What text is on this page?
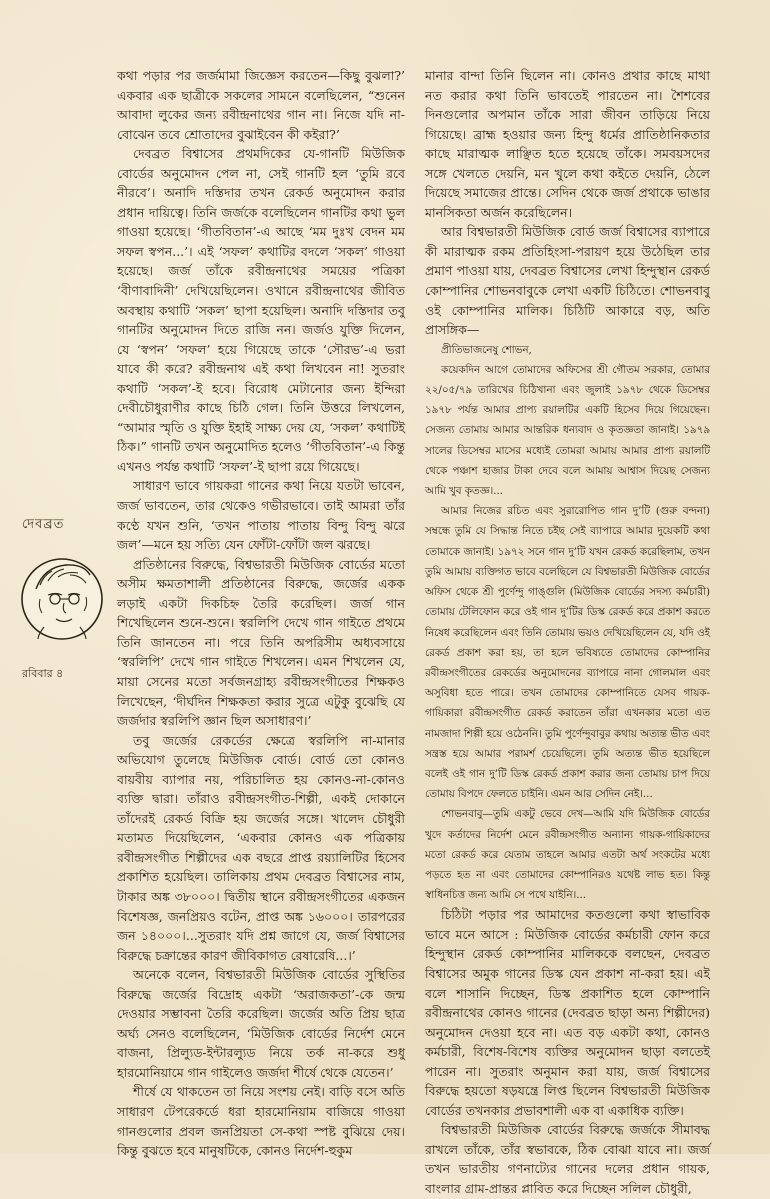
কথা পড়ার পর জর্জমামা জিজ্ঞেস করতেন—কিছু বুঝলা?’ একবার এক ছাত্রীকে সকলের সামনে বলেছিলেন, “শুনেন আবাদা লুকের জন্য রবীন্দ্রনাথের গান না। নিজে যদি না-বোঝেন তবে শ্রোতাদের বুঝাইবেন কী কইরা?’

দেবব্রত বিশ্বাসের প্রথমদিকের যে-গানটি মিউজিক বোর্ডের অনুমোদন পেল না, সেই গানটি হল ‘তুমি রবে নীরবে’। অনাদি দস্তিদার তখন রেকর্ড অনুমোদন করার প্রধান দায়িত্বে। তিনি জর্জকে বলেছিলেন গানটির কথা ভুল গাওয়া হয়েছে। ‘গীতবিতান’-এ আছে ‘মম দুঃখ বেদন মম সফল স্বপন...’। এই ‘সফল’ কথাটির বদলে ‘সকল’ গাওয়া হয়েছে। জর্জ তাঁকে রবীন্দ্রনাথের সময়ের পত্রিকা ‘বীণাবাদিনী’ দেখিয়েছিলেন। ওখানে রবীন্দ্রনাথের জীবিত অবস্থায় কথাটি ‘সকল’ ছাপা হয়েছিল। অনাদি দস্তিদার তবু গানটির অনুমোদন দিতে রাজি নন। জর্জও যুক্তি দিলেন, যে ‘স্বপন’ ‘সফল’ হয়ে গিয়েছে তাকে ‘সৌরভ’-এ ভরা যাবে কী করে? রবীন্দ্রনাথ এই কথা লিখবেন না! সুতরাং কথাটি ‘সকল’-ই হবে। বিরোধ মেটানোর জন্য ইন্দিরা দেবীচৌধুরাণীর কাছে চিঠি গেল। তিনি উত্তরে লিখলেন, “আমার স্মৃতি ও যুক্তি ইহাই সাক্ষ্য দেয় যে, ‘সকল’ কথাটিই ঠিক।” গানটি তখন অনুমোদিত হলেও ‘গীতবিতান’-এ কিন্তু এখনও পর্যন্ত কথাটি ‘সফল’-ই ছাপা রয়ে গিয়েছে।

সাধারণ ভাবে গায়করা গানের কথা নিয়ে যতটা ভাবেন, জর্জ ভাবতেন, তার থেকেও গভীরভাবে। তাই আমরা তাঁর কণ্ঠে যখন শুনি, ‘তখন পাতায় পাতায় বিন্দু বিন্দু ঝরে জল’—মনে হয় সত্যি যেন ফোঁটা-ফোঁটা জল ঝরছে।

প্রতিষ্ঠানের বিরুদ্ধে, বিশ্বভারতী মিউজিক বোর্ডের মতো অসীম ক্ষমতাশালী প্রতিষ্ঠানের বিরুদ্ধে, জর্জের একক লড়াই একটা দিকচিহ্ন তৈরি করেছিল। জর্জ গান শিখেছিলেন শুনে-শুনে। স্বরলিপি দেখে গান গাইতে প্রথমে তিনি জানতেন না। পরে তিনি অপরিসীম অধ্যবসায়ে ‘স্বরলিপি’ দেখে গান গাইতে শিখলেন। এমন শিখলেন যে, মায়া সেনের মতো সর্বজনগ্রাহ্য রবীন্দ্রসংগীতের শিক্ষকও লিখেছেন, ‘দীর্ঘদিন শিক্ষকতা করার সুত্রে এটুকু বুঝেছি যে জর্জদার স্বরলিপি জ্ঞান ছিল অসাধারণ।’

তবু জর্জের রেকর্ডের ক্ষেত্রে স্বরলিপি না-মানার অভিযোগ তুলেছে মিউজিক বোর্ড। বোর্ড তো কোনও বায়বীয় ব্যাপার নয়, পরিচালিত হয় কোনও-না-কোনও ব্যক্তি দ্বারা। তাঁরাও রবীন্দ্রসংগীত-শিল্পী, একই দোকানে তাঁদেরই রেকর্ড বিক্রি হয় জর্জের সঙ্গে। খালেদ চৌধুরী মতামত দিয়েছিলেন, ‘একবার কোনও এক পত্রিকায় রবীন্দ্রসংগীত শিল্পীদের এক বছরে প্রাপ্ত রয়্যালিটির হিসেব প্রকাশিত হয়েছিল। তালিকায় প্রথম দেবব্রত বিশ্বাসের নাম, টাকার অঙ্ক ৩৮০০০। দ্বিতীয় স্থানে রবীন্দ্রসংগীতের একজন বিশেষজ্ঞ, জনপ্রিয়ও বটেন, প্রাপ্ত অঙ্ক ১৬০০০। তারপরের জন ১৪০০০।...সুতরাং যদি প্রশ্ন জাগে যে, জর্জ বিশ্বাসের বিরুদ্ধে চক্রান্তের কারণ জীবিকাগত রেষারেষি...।’

অনেকে বলেন, বিশ্বভারতী মিউজিক বোর্ডের সুস্থিতির বিরুদ্ধে জর্জের বিদ্রোহ একটা ‘অরাজকতা’-কে জন্ম দেওয়ার সম্ভাবনা তৈরি করেছিল। জর্জের অতি প্রিয় ছাত্র অর্ঘ্য সেনও বলেছিলেন, ‘মিউজিক বোর্ডের নির্দেশ মেনে বাজনা, প্রিল্যুড-ইন্টারল্যুড নিয়ে তর্ক না-করে শুধু হারমোনিয়ামে গান গাইলেও জর্জদা শীর্ষে থেকে যেতেন।’

শীর্ষে যে থাকতেন তা নিয়ে সংশয় নেই। বাড়ি বসে অতি সাধারণ টেপরেকর্ডে ধরা হারমোনিয়াম বাজিয়ে গাওয়া গানগুলোর প্রবল জনপ্রিয়তা সে-কথা স্পষ্ট বুঝিয়ে দেয়। কিন্তু বুঝতে হবে মানুষটিকে, কোনও নির্দেশ-হুকুম

মানার বান্দা তিনি ছিলেন না। কোনও প্রথার কাছে মাথা নত করার কথা তিনি ভাবতেই পারতেন না। শৈশবের দিনগুলোর অপমান তাঁকে সারা জীবন তাড়িয়ে নিয়ে গিয়েছে। ব্রাহ্ম হওয়ার জন্য হিন্দু ধর্মের প্রাতিষ্ঠানিকতার কাছে মারাত্মক লাঞ্ছিত হতে হয়েছে তাঁকে। সমবয়সদের সঙ্গে খেলতে দেয়নি, মন খুলে কথা কইতে দেয়নি, ঠেলে দিয়েছে সমাজের প্রান্তে। সেদিন থেকে জর্জ প্রথাকে ভাঙার মানসিকতা অর্জন করেছিলেন।

আর বিশ্বভারতী মিউজিক বোর্ড জর্জ বিশ্বাসের ব্যাপারে কী মারাত্মক রকম প্রতিহিংসা-পরায়ণ হয়ে উঠেছিল তার প্রমাণ পাওয়া যায়, দেবব্রত বিশ্বাসের লেখা হিন্দুস্থান রেকর্ড কোম্পানির শোভনবাবুকে লেখা একটি চিঠিতে। শোভনবাবু ওই কোম্পানির মালিক। চিঠিটি আকারে বড়, অতি প্রাসঙ্গিক—

প্রীতিভাজনেষু শোভন,

কয়েকদিন আগে তোমাদের অফিসের শ্রী গৌতম সরকার, তোমার ২২/০৫/৭৯ তারিখের চিঠিখানা এবং জুলাই ১৯৭৮ থেকে ডিসেম্বর ১৯৭৮ পর্যন্ত আমার প্রাপ্য রয়ালটির একটি হিসেব দিয়ে গিয়েছেন। সেজন্য তোমায় আমার আন্তরিক ধন্যবাদ ও কৃতজ্ঞতা জানাই। ১৯৭৯ সালের ডিসেম্বর মাসের মধ্যেই তোমরা আমায় আমার প্রাপ্য রয়ালটি থেকে পঞ্চাশ হাজার টাকা দেবে বলে আমায় আশ্বাস দিয়েছ সেজন্য আমি খুব কৃতজ্ঞ।...

আমার নিজের রচিত এবং সুরারোপিত গান দু’টি (গুরু বন্দনা) সম্বন্ধে তুমি যে সিদ্ধান্ত নিতে চইছ সেই ব্যাপারে আমার দুয়েকটি কথা তোমাকে জানাই। ১৯৭২ সনে গান দু’টি যখন রেকর্ড করেছিলাম, তখন তুমি আমায় ব্যক্তিগত ভাবে বলেছিলে যে বিশ্বভারতী মিউজিক বোর্ডের অফিস থেকে শ্রী পুর্ণেন্দু গাঙ্গুলি (মিউজিক বোর্ডের সদস্য কর্মচারী) তোমায় টেলিফোন করে ওই গান দু’টির ডিস্ক রেকর্ড করে প্রকাশ করতে নিষেধ করেছিলেন এবং তিনি তোমায় ভয়ও দেখিয়েছিলেন যে, যদি ওই রেকর্ড প্রকাশ করা হয়, তা হলে ভবিষ্যতে তোমাদের কোম্পানির রবীন্দ্রসংগীতের রেকর্ডের অনুমোদনের ব্যাপারে নানা গোলমাল এবং অসুবিধা হতে পারে। তখন তোমাদের কোম্পানিতে যেসব গায়ক-গায়িকারা রবীন্দ্রসংগীত রেকর্ড করাতেন তাঁরা এখনকার মতো এত নামজাদা শিল্পী হয়ে ওঠেননি। তুমি পুর্ণেন্দুবাবুর কথায় অত্যন্ত ভীত এবং সন্ত্রস্ত হয়ে আমার পরামর্শ চেয়েছিলে। তুমি অত্যন্ত ভীত হয়েছিলে বলেই ওই গান দু’টি ডিস্ক রেকর্ড প্রকাশ করার জন্য তোমায় চাপ দিয়ে তোমায় বিপদে ফেলতে চাইনি। এমন আর সেদিন নেই।...

শোভনবাবু—তুমি একটু ভেবে দেখ—আমি যদি মিউজিক বোর্ডের খুদে কর্তাদের নির্দেশ মেনে রবীন্দ্রসংগীত অন্যান্য গায়ক-গায়িকাদের মতো রেকর্ড করে যেতাম তাহলে আমার এতটা অর্থ সংকটের মধ্যে পড়তে হত না এবং তোমাদের কোম্পানিরও যথেষ্ট লাভ হত। কিন্তু স্বাধিনচিত্ত জন্য আমি সে পথে যাইনি।...

চিঠিটা পড়ার পর আমাদের কতগুলো কথা স্বাভাবিক ভাবে মনে আসে : মিউজিক বোর্ডের কর্মচারী ফোন করে হিন্দুস্থান রেকর্ড কোম্পানির মালিককে বলছেন, দেবব্রত বিশ্বাসের অমুক গানের ডিস্ক যেন প্রকাশ না-করা হয়। এই বলে শাসানি দিচ্ছেন, ডিস্ক প্রকাশিত হলে কোম্পানি রবীন্দ্রনাথের কোনও গানের (দেবব্রত ছাড়া অন্য শিল্পীদের) অনুমোদন দেওয়া হবে না। এত বড় একটা কথা, কোনও কর্মচারী, বিশেষ-বিশেষ ব্যক্তির অনুমোদন ছাড়া বলতেই পারেন না। সুতরাং অনুমান করা যায়, জর্জ বিশ্বাসের বিরুদ্ধে হয়তো ষড়যন্ত্রে লিপ্ত ছিলেন বিশ্বভারতী মিউজিক বোর্ডের তখনকার প্রভাবশালী এক বা একাধিক ব্যক্তি।

বিশ্বভারতী মিউজিক বোর্ডের বিরুদ্ধে জর্জকে সীমাবদ্ধ রাখলে তাঁকে, তাঁর স্বভাবকে, ঠিক বোঝা যাবে না। জর্জ তখন ভারতীয় গণনাট্যের গানের দলের প্রধান গায়ক, বাংলার গ্রাম-প্রান্তর প্লাবিত করে দিচ্ছেন সলিল চৌধুরী,

দেবব্রত
রবিবার ৪
